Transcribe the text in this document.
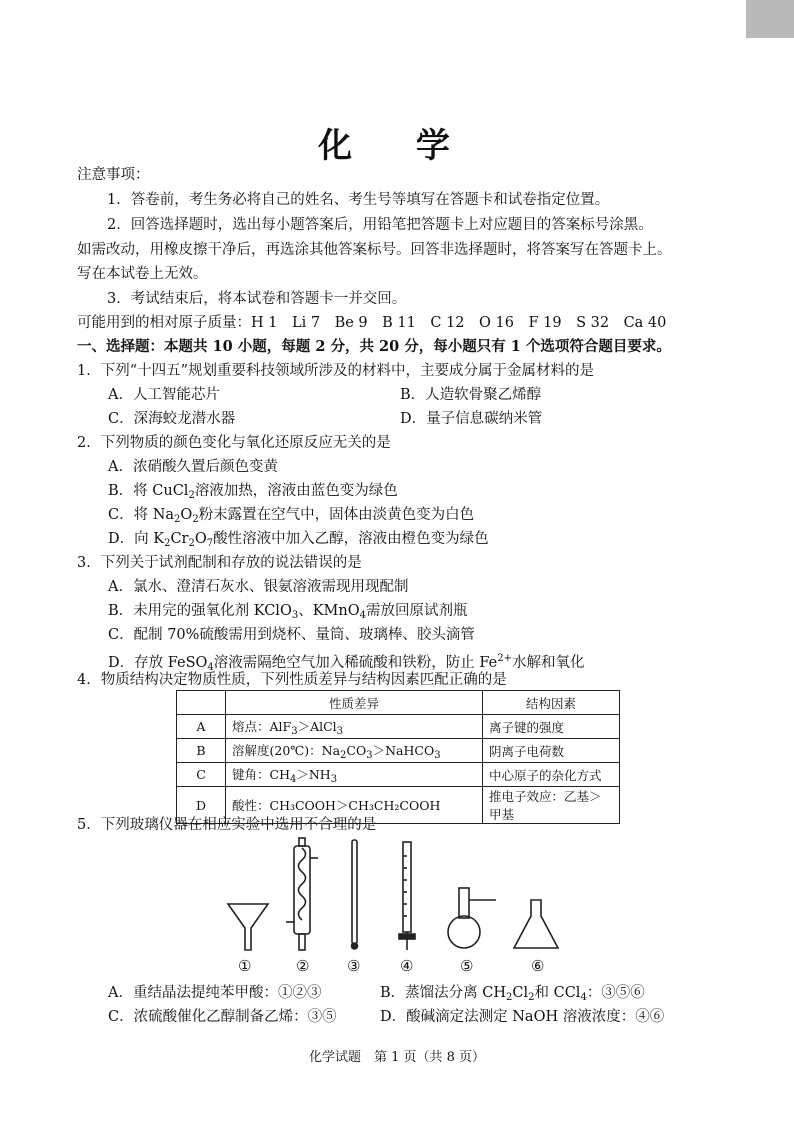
化 学
注意事项：
1．答卷前，考生务必将自己的姓名、考生号等填写在答题卡和试卷指定位置。
2．回答选择题时，选出每小题答案后，用铅笔把答题卡上对应题目的答案标号涂黑。
如需改动，用橡皮擦干净后，再选涂其他答案标号。回答非选择题时，将答案写在答题卡上。
写在本试卷上无效。
3．考试结束后，将本试卷和答题卡一并交回。
可能用到的相对原子质量：H 1　Li 7　Be 9　B 11　C 12　O 16　F 19　S 32　Ca 40
一、选择题：本题共 10 小题，每题 2 分，共 20 分，每小题只有 1 个选项符合题目要求。
1．下列“十四五”规划重要科技领域所涉及的材料中，主要成分属于金属材料的是
A．人工智能芯片	B．人造软骨聚乙烯醇
C．深海蛟龙潜水器	D．量子信息碳纳米管
2．下列物质的颜色变化与氧化还原反应无关的是
A．浓硝酸久置后颜色变黄
B．将 CuCl$_2$溶液加热，溶液由蓝色变为绿色
C．将 $Na_2O_2$粉末露置在空气中，固体由淡黄色变为白色
D．向 $K_2Cr_2O_7$酸性溶液中加入乙醇，溶液由橙色变为绿色
3．下列关于试剂配制和存放的说法错误的是
A．氯水、澄清石灰水、银氨溶液需现用现配制
B．未用完的强氧化剂 KClO$_3$、KMnO$_4$需放回原试剂瓶
C．配制 70%硫酸需用到烧杯、量筒、玻璃棒、胶头滴管
D．存放 FeSO$_4$溶液需隔绝空气加入稀硫酸和铁粉，防止 $Fe^{2+}$水解和氧化
4．物质结构决定物质性质，下列性质差异与结构因素匹配正确的是
	性质差异	结构因素
A	熔点：AlF$_3$＞AlCl$_3$	离子键的强度
B	溶解度(20℃)：$Na_2CO_3>NaHCO_3$	阴离子电荷数
C	键角：$CH_4>NH_3$	中心原子的杂化方式
D	酸性：CH₃COOH＞CH₃CH₂COOH	推电子效应：乙基＞甲基
5．下列玻璃仪器在相应实验中选用不合理的是
①	②	③	④	⑤	⑥
A．重结晶法提纯苯甲酸：①②③	B．蒸馏法分离 $CH_2Cl_2$和 CCl$_4$：③⑤⑥
C．浓硫酸催化乙醇制备乙烯：③⑤	D．酸碱滴定法测定 NaOH 溶液浓度：④⑥
化学试题　第 1 页（共 8 页）
